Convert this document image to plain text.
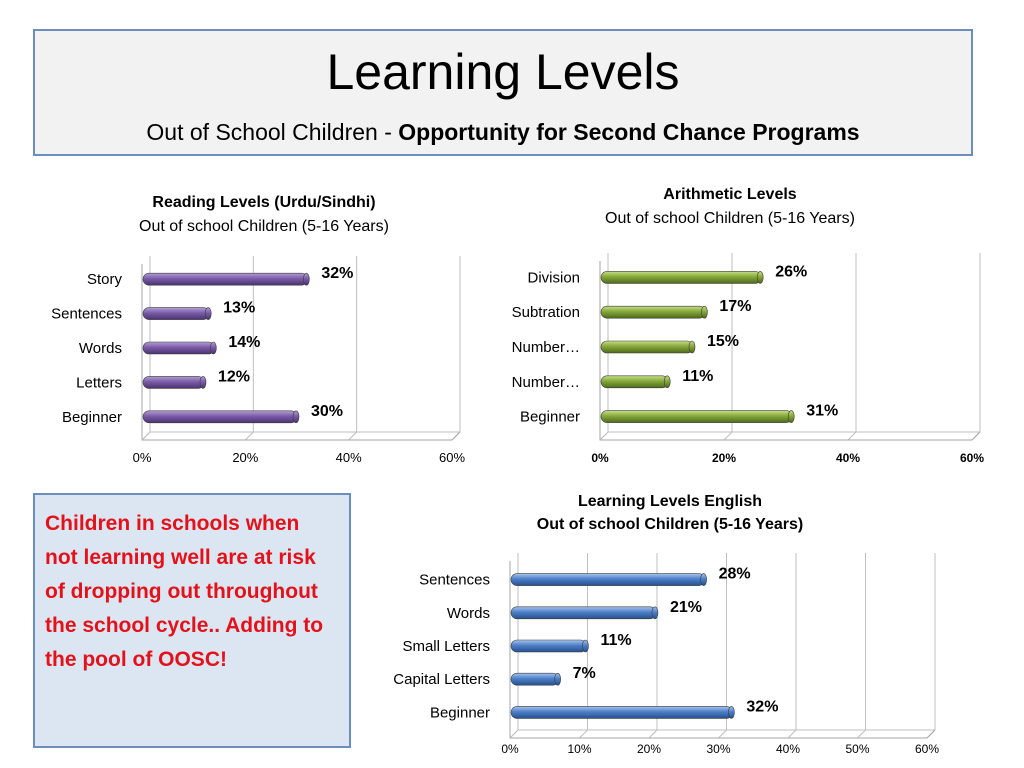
Learning Levels
Out of School Children - Opportunity for Second Chance Programs
Children in schools when not learning well are at risk of dropping out throughout the school cycle.. Adding to the pool of OOSC!
Reading Levels (Urdu/Sindhi)
Out of school Children (5-16 Years)
0%	20%	40%	60%
Story	32%
Sentences	13%
Words	14%
Letters	12%
Beginner	30%
Arithmetic Levels
Out of school Children (5-16 Years)
0%	20%	40%	60%
Division	26%
Subtration	17%
Number…	15%
Number…	11%
Beginner	31%
Learning Levels English
Out of school Children (5-16 Years)
0%	10%	20%	30%	40%	50%	60%
Sentences	28%
Words	21%
Small Letters	11%
Capital Letters	7%
Beginner	32%
